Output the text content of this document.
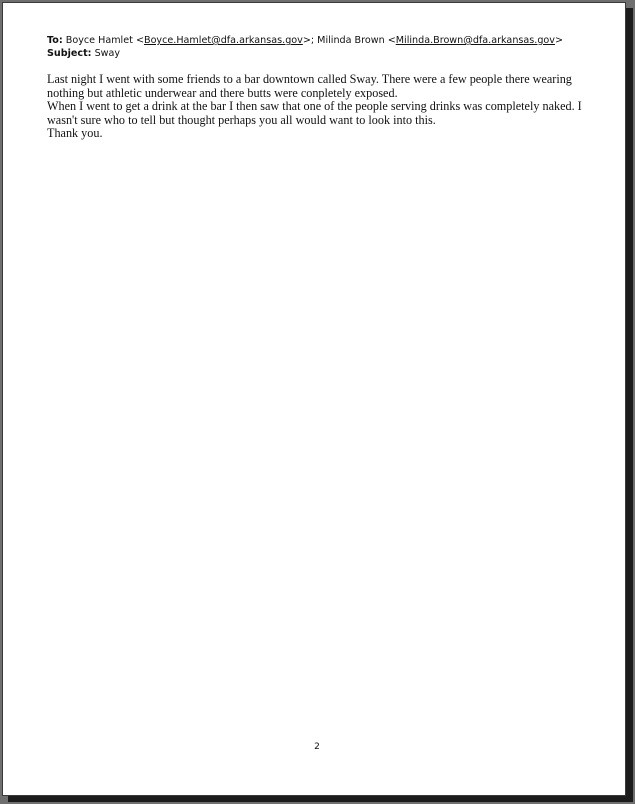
To: Boyce Hamlet <Boyce.Hamlet@dfa.arkansas.gov>; Milinda Brown <Milinda.Brown@dfa.arkansas.gov>
Subject: Sway
Last night I went with some friends to a bar downtown called Sway. There were a few people there wearing
nothing but athletic underwear and there butts were conpletely exposed.
When I went to get a drink at the bar I then saw that one of the people serving drinks was completely naked. I
wasn't sure who to tell but thought perhaps you all would want to look into this.
Thank you.
2
